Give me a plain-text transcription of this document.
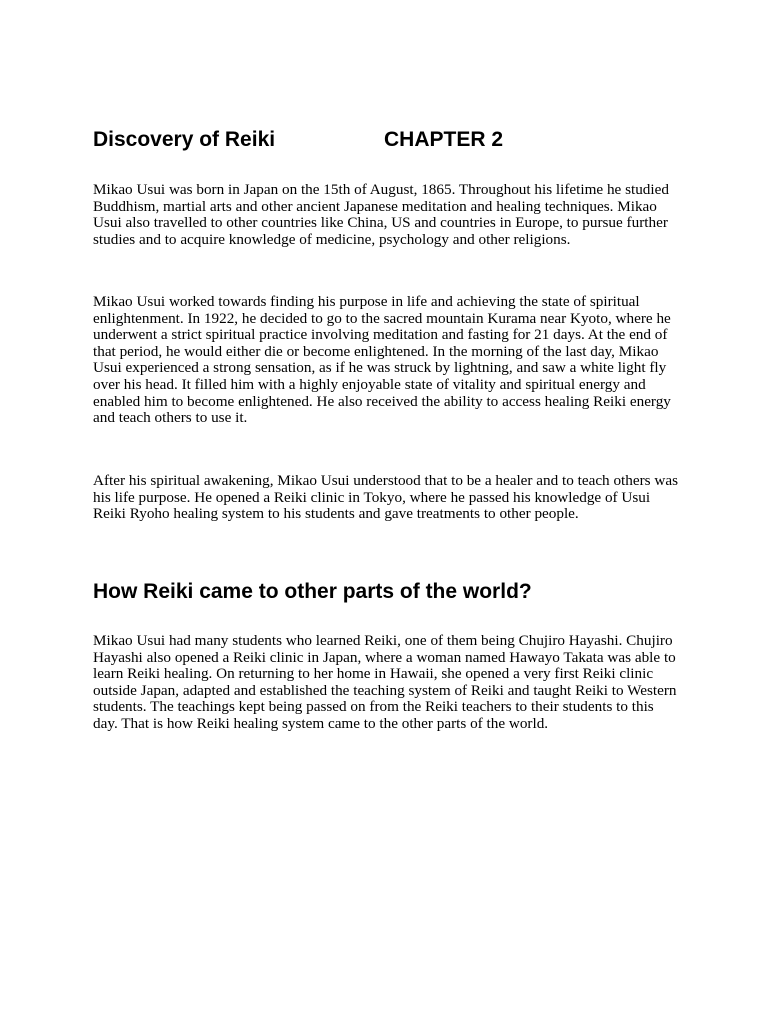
Discovery of Reiki	CHAPTER 2

Mikao Usui was born in Japan on the 15th of August, 1865. Throughout his lifetime he studied Buddhism, martial arts and other ancient Japanese meditation and healing techniques. Mikao Usui also travelled to other countries like China, US and countries in Europe, to pursue further studies and to acquire knowledge of medicine, psychology and other religions.

Mikao Usui worked towards finding his purpose in life and achieving the state of spiritual enlightenment. In 1922, he decided to go to the sacred mountain Kurama near Kyoto, where he underwent a strict spiritual practice involving meditation and fasting for 21 days. At the end of that period, he would either die or become enlightened. In the morning of the last day, Mikao Usui experienced a strong sensation, as if he was struck by lightning, and saw a white light fly over his head. It filled him with a highly enjoyable state of vitality and spiritual energy and enabled him to become enlightened. He also received the ability to access healing Reiki energy and teach others to use it.

After his spiritual awakening, Mikao Usui understood that to be a healer and to teach others was his life purpose. He opened a Reiki clinic in Tokyo, where he passed his knowledge of Usui Reiki Ryoho healing system to his students and gave treatments to other people.

How Reiki came to other parts of the world?

Mikao Usui had many students who learned Reiki, one of them being Chujiro Hayashi. Chujiro Hayashi also opened a Reiki clinic in Japan, where a woman named Hawayo Takata was able to learn Reiki healing. On returning to her home in Hawaii, she opened a very first Reiki clinic outside Japan, adapted and established the teaching system of Reiki and taught Reiki to Western students. The teachings kept being passed on from the Reiki teachers to their students to this day. That is how Reiki healing system came to the other parts of the world.
